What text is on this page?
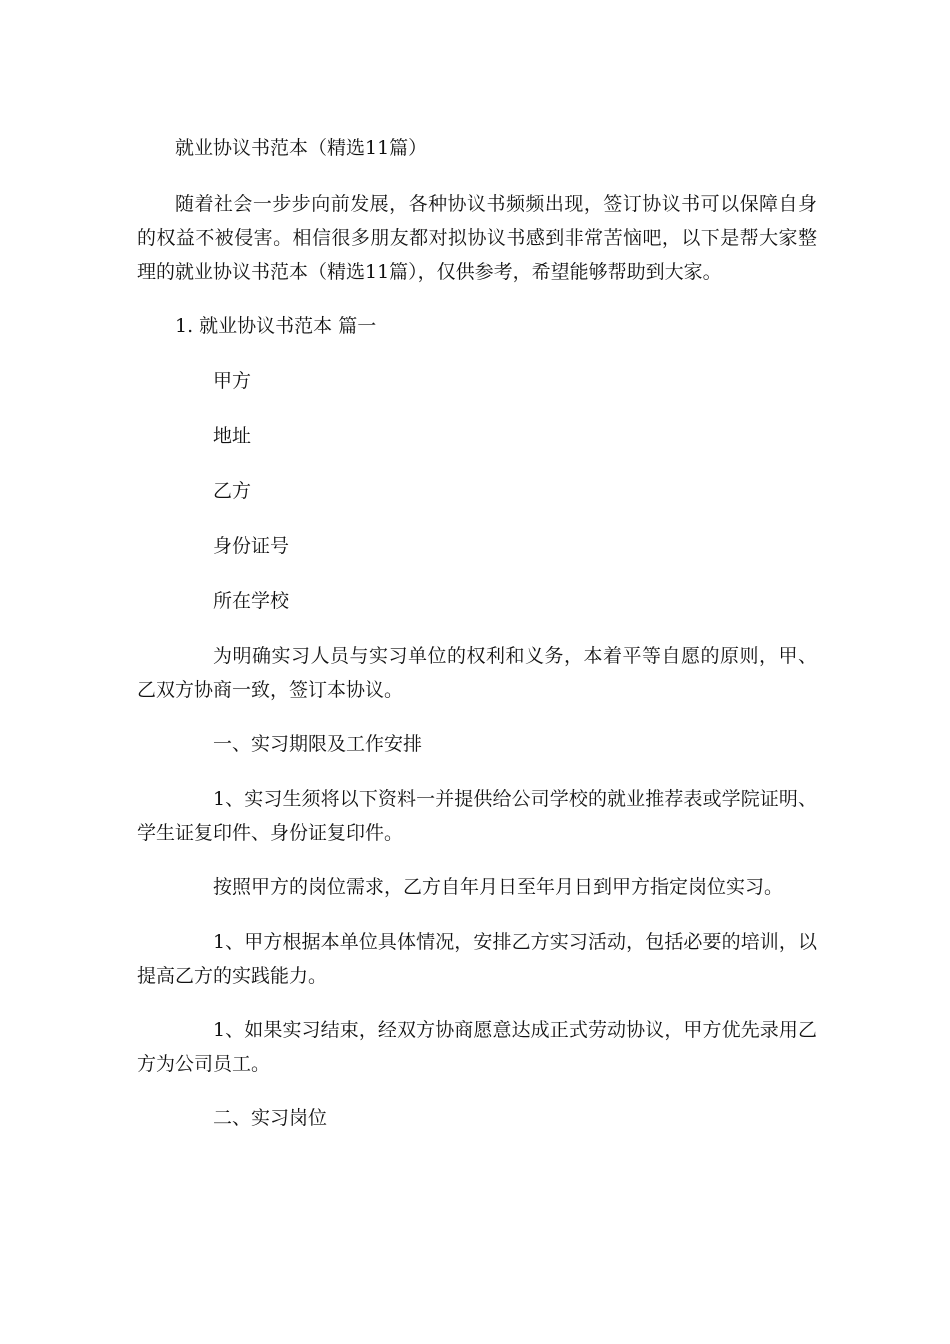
就业协议书范本（精选11篇）

随着社会一步步向前发展，各种协议书频频出现，签订协议书可以保障自身的权益不被侵害。相信很多朋友都对拟协议书感到非常苦恼吧，以下是帮大家整理的就业协议书范本（精选11篇），仅供参考，希望能够帮助到大家。

1. 就业协议书范本 篇一

甲方

地址

乙方

身份证号

所在学校

为明确实习人员与实习单位的权利和义务，本着平等自愿的原则，甲、乙双方协商一致，签订本协议。

一、实习期限及工作安排

1、实习生须将以下资料一并提供给公司学校的就业推荐表或学院证明、学生证复印件、身份证复印件。

按照甲方的岗位需求，乙方自年月日至年月日到甲方指定岗位实习。

1、甲方根据本单位具体情况，安排乙方实习活动，包括必要的培训，以提高乙方的实践能力。

1、如果实习结束，经双方协商愿意达成正式劳动协议，甲方优先录用乙方为公司员工。

二、实习岗位
